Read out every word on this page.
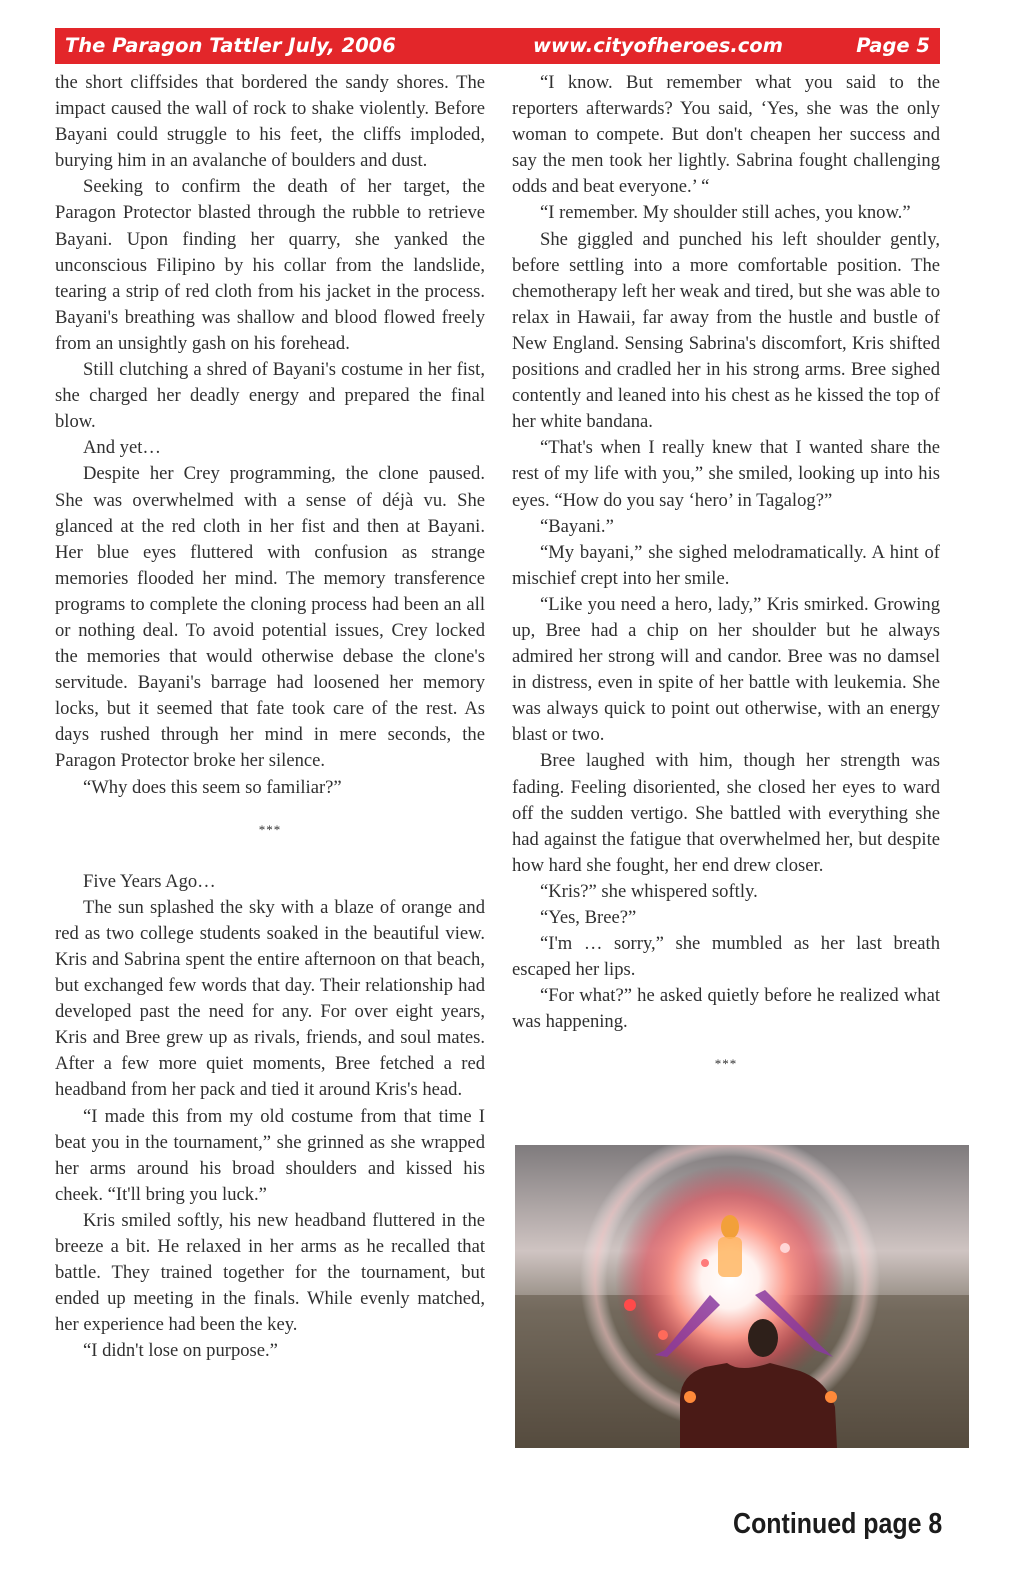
The Paragon Tattler July, 2006	www.cityofheroes.com	Page 5

the short cliffsides that bordered the sandy shores. The impact caused the wall of rock to shake violently. Before Bayani could struggle to his feet, the cliffs imploded, burying him in an avalanche of boulders and dust.

Seeking to confirm the death of her target, the Paragon Protector blasted through the rubble to retrieve Bayani. Upon finding her quarry, she yanked the unconscious Filipino by his collar from the landslide, tearing a strip of red cloth from his jacket in the process. Bayani's breathing was shallow and blood flowed freely from an unsightly gash on his forehead.

Still clutching a shred of Bayani's costume in her fist, she charged her deadly energy and prepared the final blow.

And yet…

Despite her Crey programming, the clone paused. She was overwhelmed with a sense of déjà vu. She glanced at the red cloth in her fist and then at Bayani. Her blue eyes fluttered with confusion as strange memories flooded her mind. The memory transference programs to complete the cloning process had been an all or nothing deal. To avoid potential issues, Crey locked the memories that would otherwise debase the clone's servitude. Bayani's barrage had loosened her memory locks, but it seemed that fate took care of the rest. As days rushed through her mind in mere seconds, the Paragon Protector broke her silence.

“Why does this seem so familiar?”

***

Five Years Ago…

The sun splashed the sky with a blaze of orange and red as two college students soaked in the beautiful view. Kris and Sabrina spent the entire afternoon on that beach, but exchanged few words that day. Their relationship had developed past the need for any. For over eight years, Kris and Bree grew up as rivals, friends, and soul mates. After a few more quiet moments, Bree fetched a red headband from her pack and tied it around Kris's head.

“I made this from my old costume from that time I beat you in the tournament,” she grinned as she wrapped her arms around his broad shoulders and kissed his cheek. “It'll bring you luck.”

Kris smiled softly, his new headband fluttered in the breeze a bit. He relaxed in her arms as he recalled that battle. They trained together for the tournament, but ended up meeting in the finals. While evenly matched, her experience had been the key.

“I didn't lose on purpose.”

“I know. But remember what you said to the reporters afterwards? You said, ‘Yes, she was the only woman to compete. But don't cheapen her success and say the men took her lightly. Sabrina fought challenging odds and beat everyone.’ “

“I remember. My shoulder still aches, you know.”

She giggled and punched his left shoulder gently, before settling into a more comfortable position. The chemotherapy left her weak and tired, but she was able to relax in Hawaii, far away from the hustle and bustle of New England. Sensing Sabrina's discomfort, Kris shifted positions and cradled her in his strong arms. Bree sighed contently and leaned into his chest as he kissed the top of her white bandana.

“That's when I really knew that I wanted share the rest of my life with you,” she smiled, looking up into his eyes. “How do you say ‘hero’ in Tagalog?”

“Bayani.”

“My bayani,” she sighed melodramatically. A hint of mischief crept into her smile.

“Like you need a hero, lady,” Kris smirked. Growing up, Bree had a chip on her shoulder but he always admired her strong will and candor. Bree was no damsel in distress, even in spite of her battle with leukemia. She was always quick to point out otherwise, with an energy blast or two.

Bree laughed with him, though her strength was fading. Feeling disoriented, she closed her eyes to ward off the sudden vertigo. She battled with everything she had against the fatigue that overwhelmed her, but despite how hard she fought, her end drew closer.

“Kris?” she whispered softly.

“Yes, Bree?”

“I'm … sorry,” she mumbled as her last breath escaped her lips.

“For what?” he asked quietly before he realized what was happening.

***

Continued page 8
